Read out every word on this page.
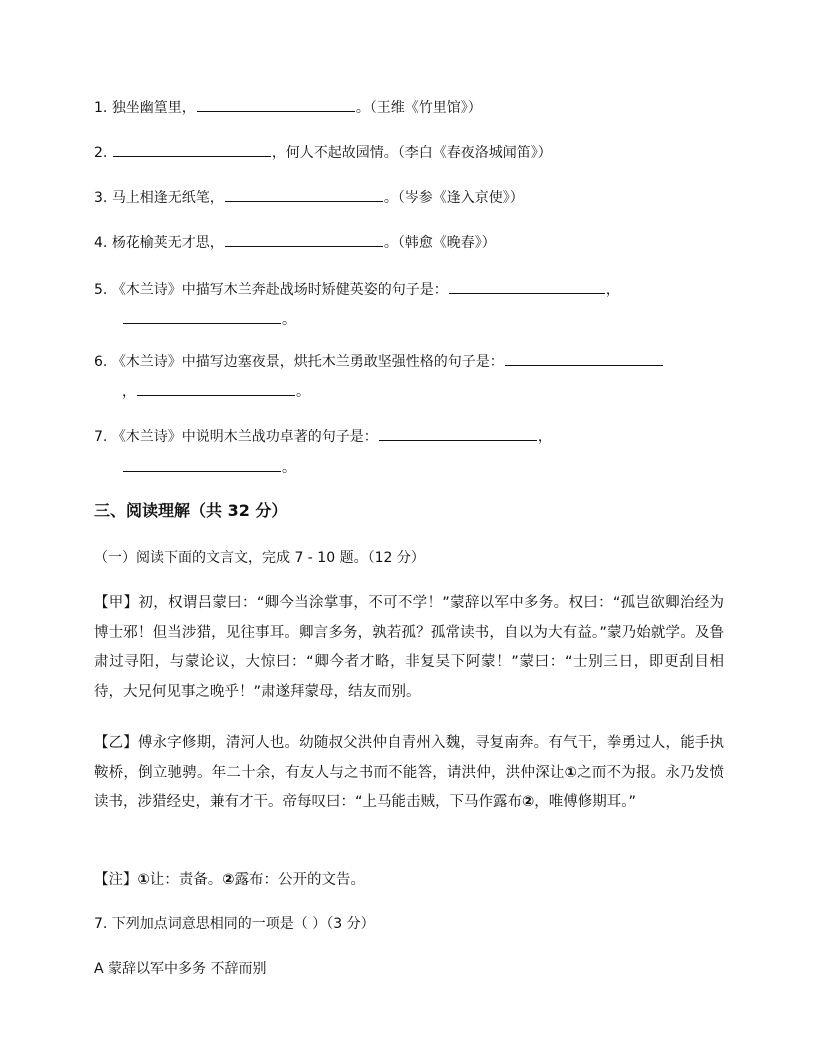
1. 独坐幽篁里，	。（王维《竹里馆》）
2.	，何人不起故园情。（李白《春夜洛城闻笛》）
3. 马上相逢无纸笔，	。（岑参《逢入京使》）
4. 杨花榆荚无才思，	。（韩愈《晚春》）
5. 《木兰诗》中描写木兰奔赴战场时矫健英姿的句子是：	，
。
6. 《木兰诗》中描写边塞夜景，烘托木兰勇敢坚强性格的句子是：
，	。
7. 《木兰诗》中说明木兰战功卓著的句子是：	，
。
三、阅读理解（共 32 分）
（一）阅读下面的文言文，完成 7 - 10 题。（12 分）
【甲】初，权谓吕蒙曰：“卿今当涂掌事，不可不学！”蒙辞以军中多务。权曰：“孤岂欲卿治经为博士邪！但当涉猎，见往事耳。卿言多务，孰若孤？孤常读书，自以为大有益。”蒙乃始就学。及鲁肃过寻阳，与蒙论议，大惊曰：“卿今者才略，非复吴下阿蒙！”蒙曰：“士别三日，即更刮目相待，大兄何见事之晚乎！”肃遂拜蒙母，结友而别。
【乙】傅永字修期，清河人也。幼随叔父洪仲自青州入魏，寻复南奔。有气干，拳勇过人，能手执鞍桥，倒立驰骋。年二十余，有友人与之书而不能答，请洪仲，洪仲深让①之而不为报。永乃发愤读书，涉猎经史，兼有才干。帝每叹曰：“上马能击贼，下马作露布②，唯傅修期耳。”
【注】①让：责备。②露布：公开的文告。
7. 下列加点词意思相同的一项是（ ）（3 分）
A 蒙辞以军中多务 不辞而别
